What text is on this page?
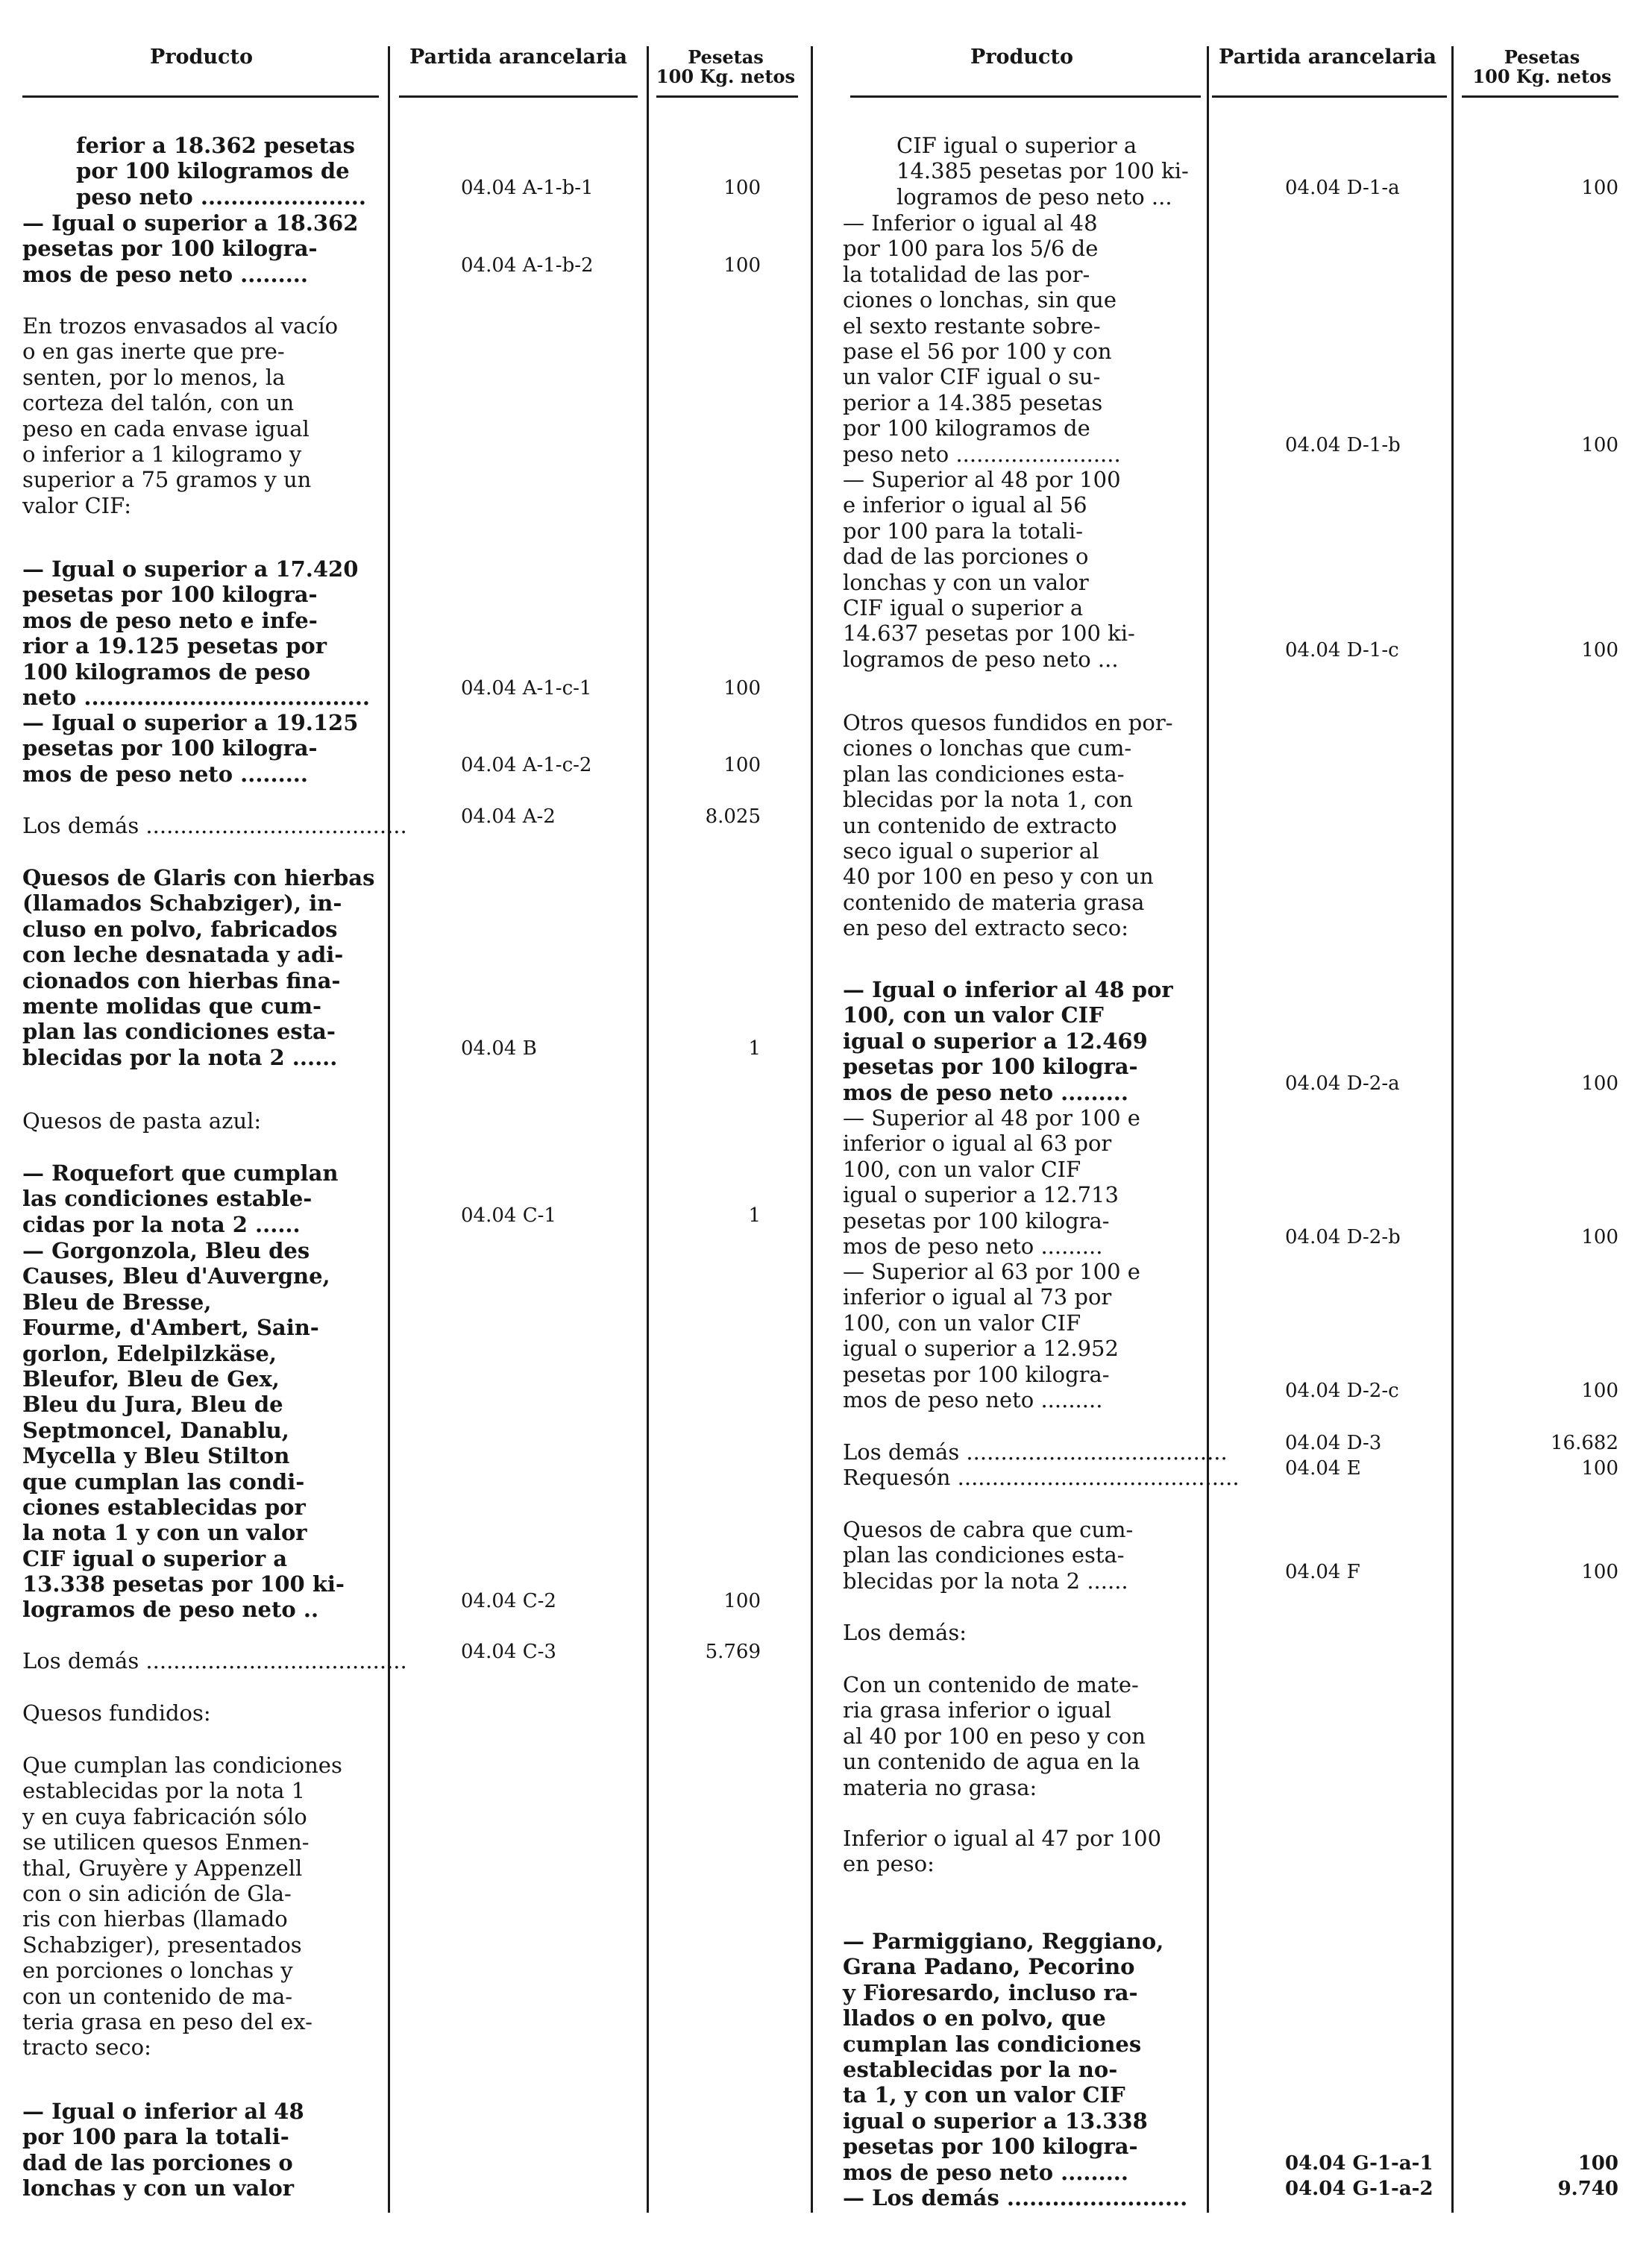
Producto	Partida arancelaria	Pesetas
100 Kg. netos
Producto	Partida arancelaria	Pesetas
100 Kg. netos
ferior a 18.362 pesetas
por 100 kilogramos de
peso neto ......................	04.04 A-1-b-1	100
— Igual o superior a 18.362
pesetas por 100 kilogra-
mos de peso neto .........	04.04 A-1-b-2	100
En trozos envasados al vacío
o en gas inerte que pre-
senten, por lo menos, la
corteza del talón, con un
peso en cada envase igual
o inferior a 1 kilogramo y
superior a 75 gramos y un
valor CIF:
— Igual o superior a 17.420
pesetas por 100 kilogra-
mos de peso neto e infe-
rior a 19.125 pesetas por
100 kilogramos de peso
neto ......................................	04.04 A-1-c-1	100
— Igual o superior a 19.125
pesetas por 100 kilogra-
mos de peso neto .........	04.04 A-1-c-2	100
Los demás ......................................	04.04 A-2	8.025
Quesos de Glaris con hierbas
(llamados Schabziger), in-
cluso en polvo, fabricados
con leche desnatada y adi-
cionados con hierbas fina-
mente molidas que cum-
plan las condiciones esta-
blecidas por la nota 2 ......	04.04 B	1
Quesos de pasta azul:
— Roquefort que cumplan
las condiciones estable-
cidas por la nota 2 ......	04.04 C-1	1
— Gorgonzola, Bleu des
Causes, Bleu d'Auvergne,
Bleu de Bresse,
Fourme, d'Ambert, Sain-
gorlon, Edelpilzkäse,
Bleufor, Bleu de Gex,
Bleu du Jura, Bleu de
Septmoncel, Danablu,
Mycella y Bleu Stilton
que cumplan las condi-
ciones establecidas por
la nota 1 y con un valor
CIF igual o superior a
13.338 pesetas por 100 ki-
logramos de peso neto ..	04.04 C-2	100
Los demás ......................................	04.04 C-3	5.769
Quesos fundidos:
Que cumplan las condiciones
establecidas por la nota 1
y en cuya fabricación sólo
se utilicen quesos Enmen-
thal, Gruyère y Appenzell
con o sin adición de Gla-
ris con hierbas (llamado
Schabziger), presentados
en porciones o lonchas y
con un contenido de ma-
teria grasa en peso del ex-
tracto seco:
— Igual o inferior al 48
por 100 para la totali-
dad de las porciones o
lonchas y con un valor
CIF igual o superior a
14.385 pesetas por 100 ki-
logramos de peso neto ...	04.04 D-1-a	100
— Inferior o igual al 48
por 100 para los 5/6 de
la totalidad de las por-
ciones o lonchas, sin que
el sexto restante sobre-
pase el 56 por 100 y con
un valor CIF igual o su-
perior a 14.385 pesetas
por 100 kilogramos de
peso neto ........................	04.04 D-1-b	100
— Superior al 48 por 100
e inferior o igual al 56
por 100 para la totali-
dad de las porciones o
lonchas y con un valor
CIF igual o superior a
14.637 pesetas por 100 ki-
logramos de peso neto ...	04.04 D-1-c	100
Otros quesos fundidos en por-
ciones o lonchas que cum-
plan las condiciones esta-
blecidas por la nota 1, con
un contenido de extracto
seco igual o superior al
40 por 100 en peso y con un
contenido de materia grasa
en peso del extracto seco:
— Igual o inferior al 48 por
100, con un valor CIF
igual o superior a 12.469
pesetas por 100 kilogra-
mos de peso neto .........	04.04 D-2-a	100
— Superior al 48 por 100 e
inferior o igual al 63 por
100, con un valor CIF
igual o superior a 12.713
pesetas por 100 kilogra-
mos de peso neto .........	04.04 D-2-b	100
— Superior al 63 por 100 e
inferior o igual al 73 por
100, con un valor CIF
igual o superior a 12.952
pesetas por 100 kilogra-
mos de peso neto .........	04.04 D-2-c	100
Los demás ......................................	04.04 D-3	16.682
Requesón ......................................... 04.04 E	100
Quesos de cabra que cum-
plan las condiciones esta-
blecidas por la nota 2 ......	04.04 F	100
Los demás:
Con un contenido de mate-
ria grasa inferior o igual
al 40 por 100 en peso y con
un contenido de agua en la
materia no grasa:
Inferior o igual al 47 por 100
en peso:
— Parmiggiano, Reggiano,
Grana Padano, Pecorino
y Fioresardo, incluso ra-
llados o en polvo, que
cumplan las condiciones
establecidas por la no-
ta 1, y con un valor CIF
igual o superior a 13.338
pesetas por 100 kilogra-
mos de peso neto .........	04.04 G-1-a-1	100
— Los demás ........................	04.04 G-1-a-2	9.740
